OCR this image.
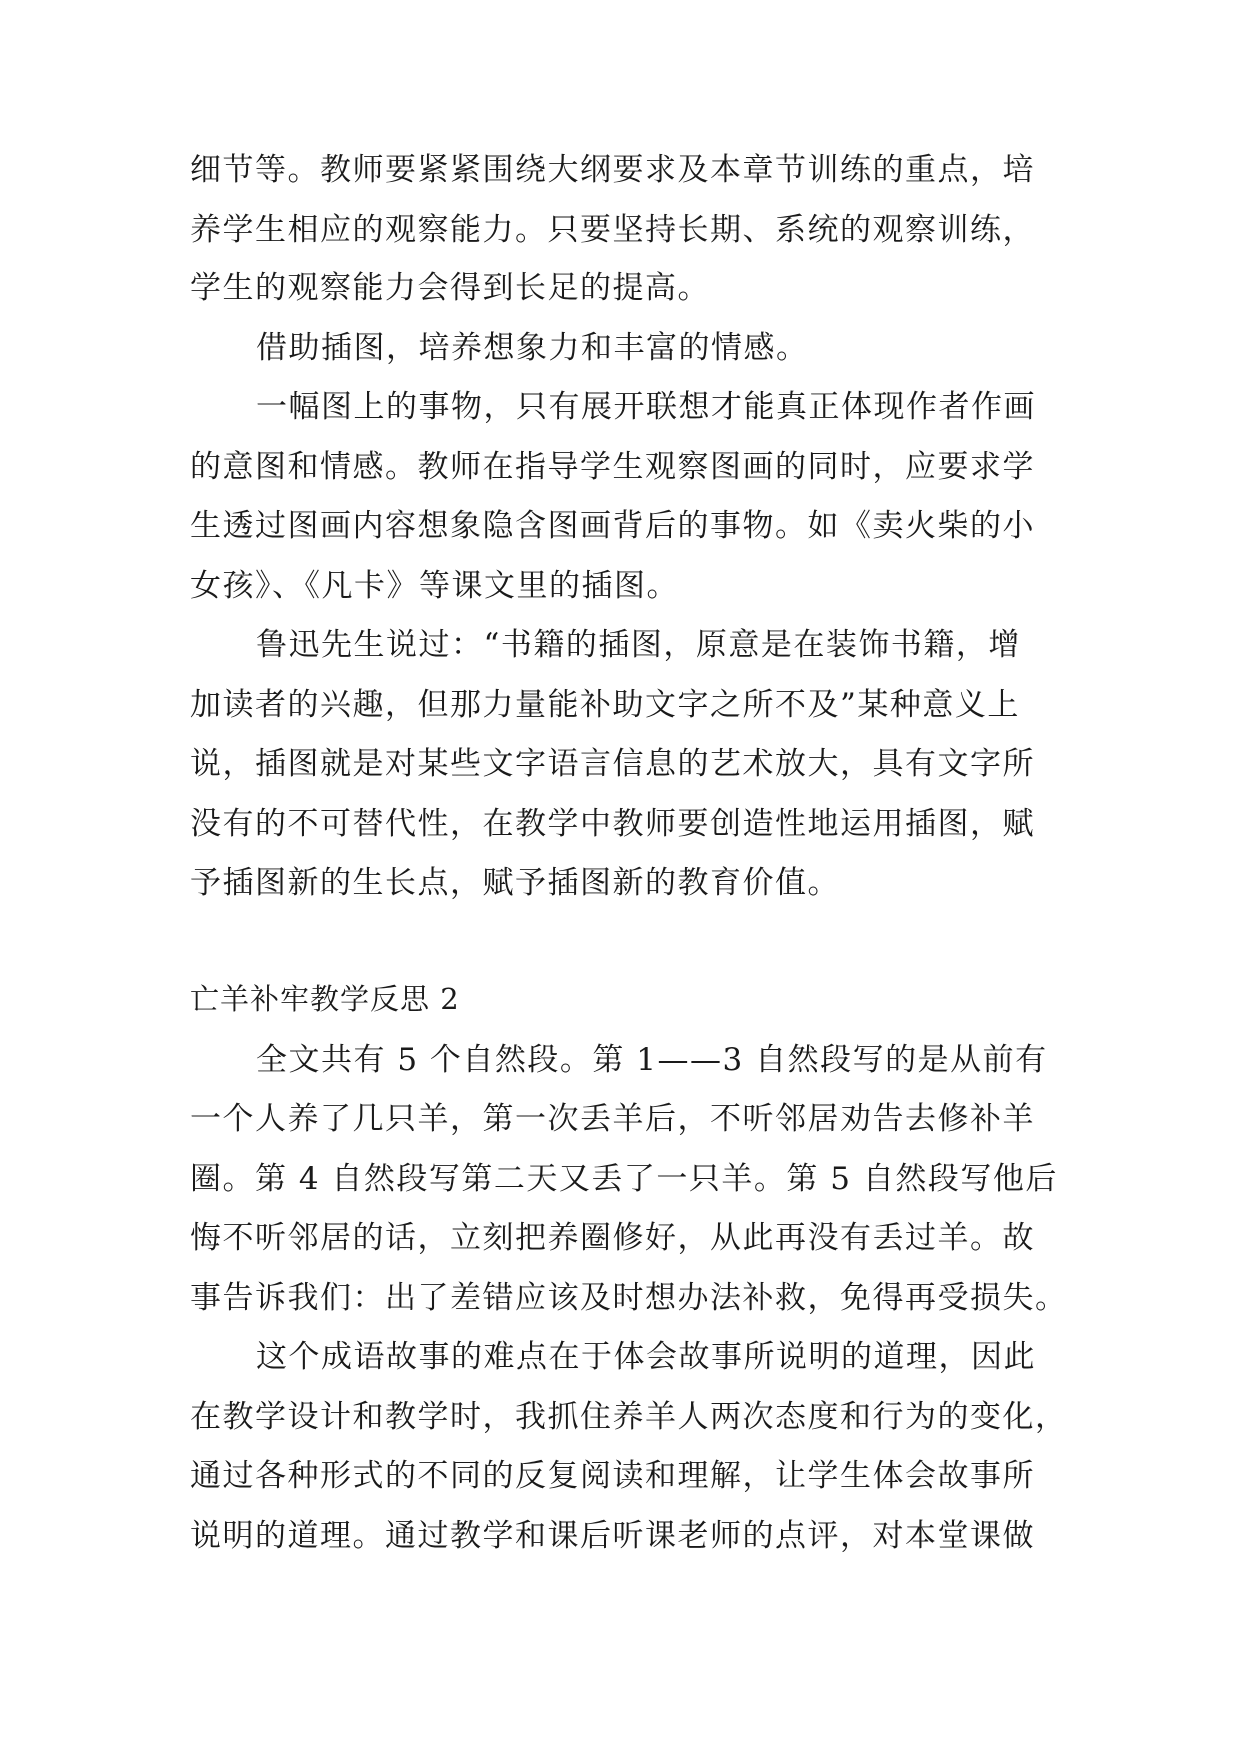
细节等。教师要紧紧围绕大纲要求及本章节训练的重点，培
养学生相应的观察能力。只要坚持长期、系统的观察训练，
学生的观察能力会得到长足的提高。
借助插图，培养想象力和丰富的情感。
一幅图上的事物，只有展开联想才能真正体现作者作画
的意图和情感。教师在指导学生观察图画的同时，应要求学
生透过图画内容想象隐含图画背后的事物。如《卖火柴的小
女孩》、《凡卡》等课文里的插图。
鲁迅先生说过：“书籍的插图，原意是在装饰书籍，增
加读者的兴趣，但那力量能补助文字之所不及”某种意义上
说，插图就是对某些文字语言信息的艺术放大，具有文字所
没有的不可替代性，在教学中教师要创造性地运用插图，赋
予插图新的生长点，赋予插图新的教育价值。
亡羊补牢教学反思 2
全文共有 5 个自然段。第 1——3 自然段写的是从前有
一个人养了几只羊，第一次丢羊后，不听邻居劝告去修补羊
圈。第 4 自然段写第二天又丢了一只羊。第 5 自然段写他后
悔不听邻居的话，立刻把养圈修好，从此再没有丢过羊。故
事告诉我们：出了差错应该及时想办法补救，免得再受损失。
这个成语故事的难点在于体会故事所说明的道理，因此
在教学设计和教学时，我抓住养羊人两次态度和行为的变化，
通过各种形式的不同的反复阅读和理解，让学生体会故事所
说明的道理。通过教学和课后听课老师的点评，对本堂课做
